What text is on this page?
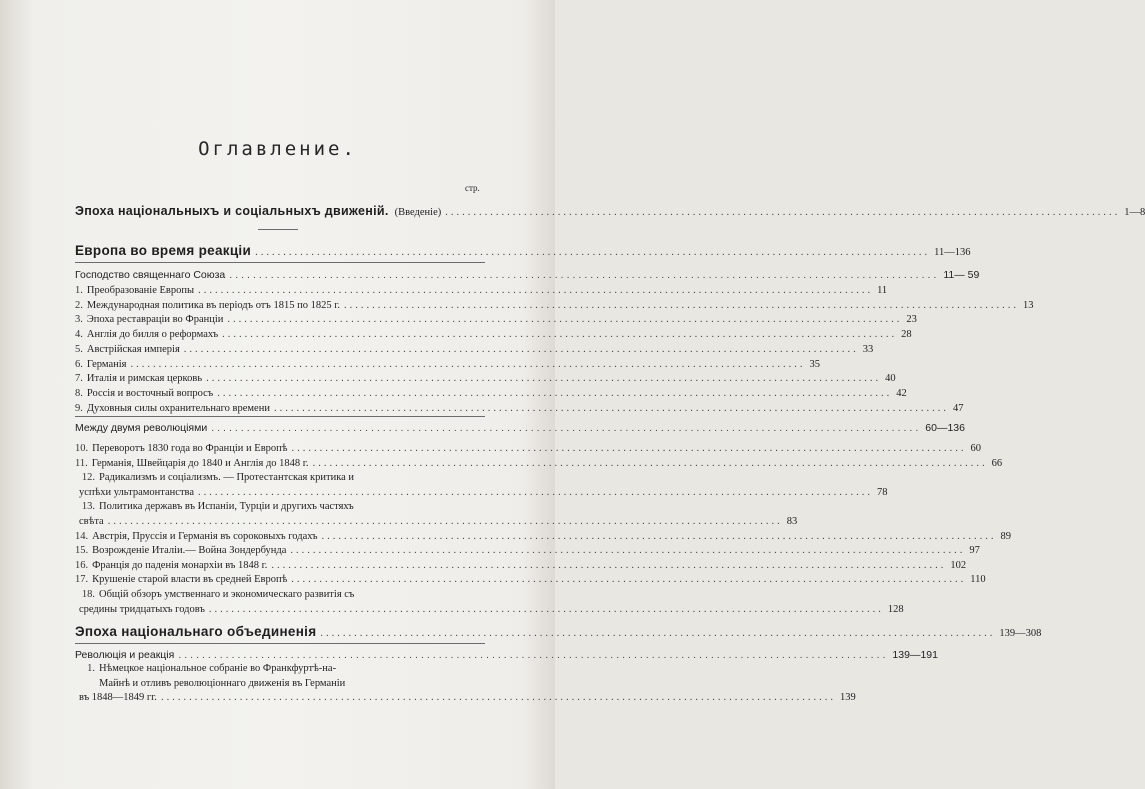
Оглавление.
стр.
Эпоха національныхъ и соціальныхъ движеній. (Введеніе) ........................................................................................................................ 1—8
Европа во время реакціи ........................................................................................................................ 11—136
Господство священнаго Союза ........................................................................................................................ 11— 59
1. Преобразованіе Европы ........................................................................................................................ 11
2. Международная политика въ періодъ отъ 1815 по 1825 г. ........................................................................................................................ 13
3. Эпоха реставраціи во Франціи ........................................................................................................................ 23
4. Англія до билля о реформахъ ........................................................................................................................ 28
5. Австрійская имперія ........................................................................................................................ 33
6. Германія ........................................................................................................................ 35
7. Италія и римская церковь ........................................................................................................................ 40
8. Россія и восточный вопросъ ........................................................................................................................ 42
9. Духовныя силы охранительнаго времени ........................................................................................................................ 47
Между двумя революціями ........................................................................................................................ 60—136
10. Переворотъ 1830 года во Франціи и Европѣ ........................................................................................................................ 60
11. Германія, Швейцарія до 1840 и Англія до 1848 г. ........................................................................................................................ 66
12. Радикализмъ и соціализмъ. — Протестантская критика и
успѣхи ультрамонтанства ........................................................................................................................ 78
13. Политика державъ въ Испаніи, Турціи и другихъ частяхъ
свѣта ........................................................................................................................ 83
14. Австрія, Пруссія и Германія въ сороковыхъ годахъ ........................................................................................................................ 89
15. Возрожденіе Италіи.— Война Зондербунда ........................................................................................................................ 97
16. Франція до паденія монархіи въ 1848 г. ........................................................................................................................ 102
17. Крушеніе старой власти въ средней Европѣ ........................................................................................................................ 110
18. Общій обзоръ умственнаго и экономическаго развитія съ
средины тридцатыхъ годовъ ........................................................................................................................ 128
Эпоха національнаго объединенія ........................................................................................................................ 139—308
Революція и реакція ........................................................................................................................ 139—191
1. Нѣмецкое національное собраніе во Франкфуртѣ-на-
Майнѣ и отливъ революціоннаго движенія въ Германіи
въ 1848—1849 гг. ........................................................................................................................ 139
